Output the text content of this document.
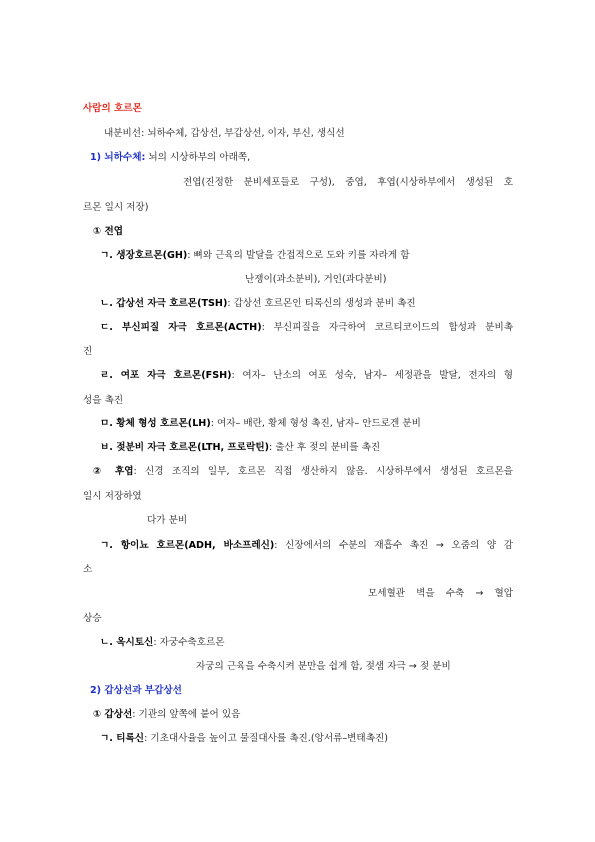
사람의 호르몬
내분비선: 뇌하수체, 갑상선, 부갑상선, 이자, 부신, 생식선
1) 뇌하수체: 뇌의 시상하부의 아래쪽,
전엽(진정한 분비세포들로 구성), 중엽, 후엽(시상하부에서 생성된 호
르몬 일시 저장)
① 전엽
ㄱ. 생장호르몬(GH): 뼈와 근육의 발달을 간접적으로 도와 키를 자라게 함
난쟁이(과소분비), 거인(과다분비)
ㄴ. 갑상선 자극 호르몬(TSH): 갑상선 호르몬인 티록신의 생성과 분비 촉진
ㄷ. 부신피질 자극 호르몬(ACTH): 부신피질을 자극하여 코르티코이드의 합성과 분비촉
진
ㄹ. 여포 자극 호르몬(FSH): 여자– 난소의 여포 성숙, 남자– 세정관을 발달, 전자의 형
성을 촉진
ㅁ. 황체 형성 호르몬(LH): 여자– 배란, 황체 형성 촉진, 남자– 안드로겐 분비
ㅂ. 젖분비 자극 호르몬(LTH, 프로락틴): 출산 후 젖의 분비를 촉진
② 후엽: 신경 조직의 일부, 호르몬 직접 생산하지 않음. 시상하부에서 생성된 호르몬을
일시 저장하였
다가 분비
ㄱ. 항이뇨 호르몬(ADH, 바소프레신): 신장에서의 수분의 재흡수 촉진 → 오줌의 양 감
소
모세혈관 벽을 수축 → 혈압
상승
ㄴ. 옥시토신: 자궁수축호르몬
자궁의 근육을 수축시켜 분만을 쉽게 함, 젖샘 자극 → 젖 분비
2) 갑상선과 부갑상선
① 갑상선: 기관의 앞쪽에 붙어 있음
ㄱ. 티록신: 기초대사율을 높이고 물질대사를 촉진.(앙서류–변태촉진)
